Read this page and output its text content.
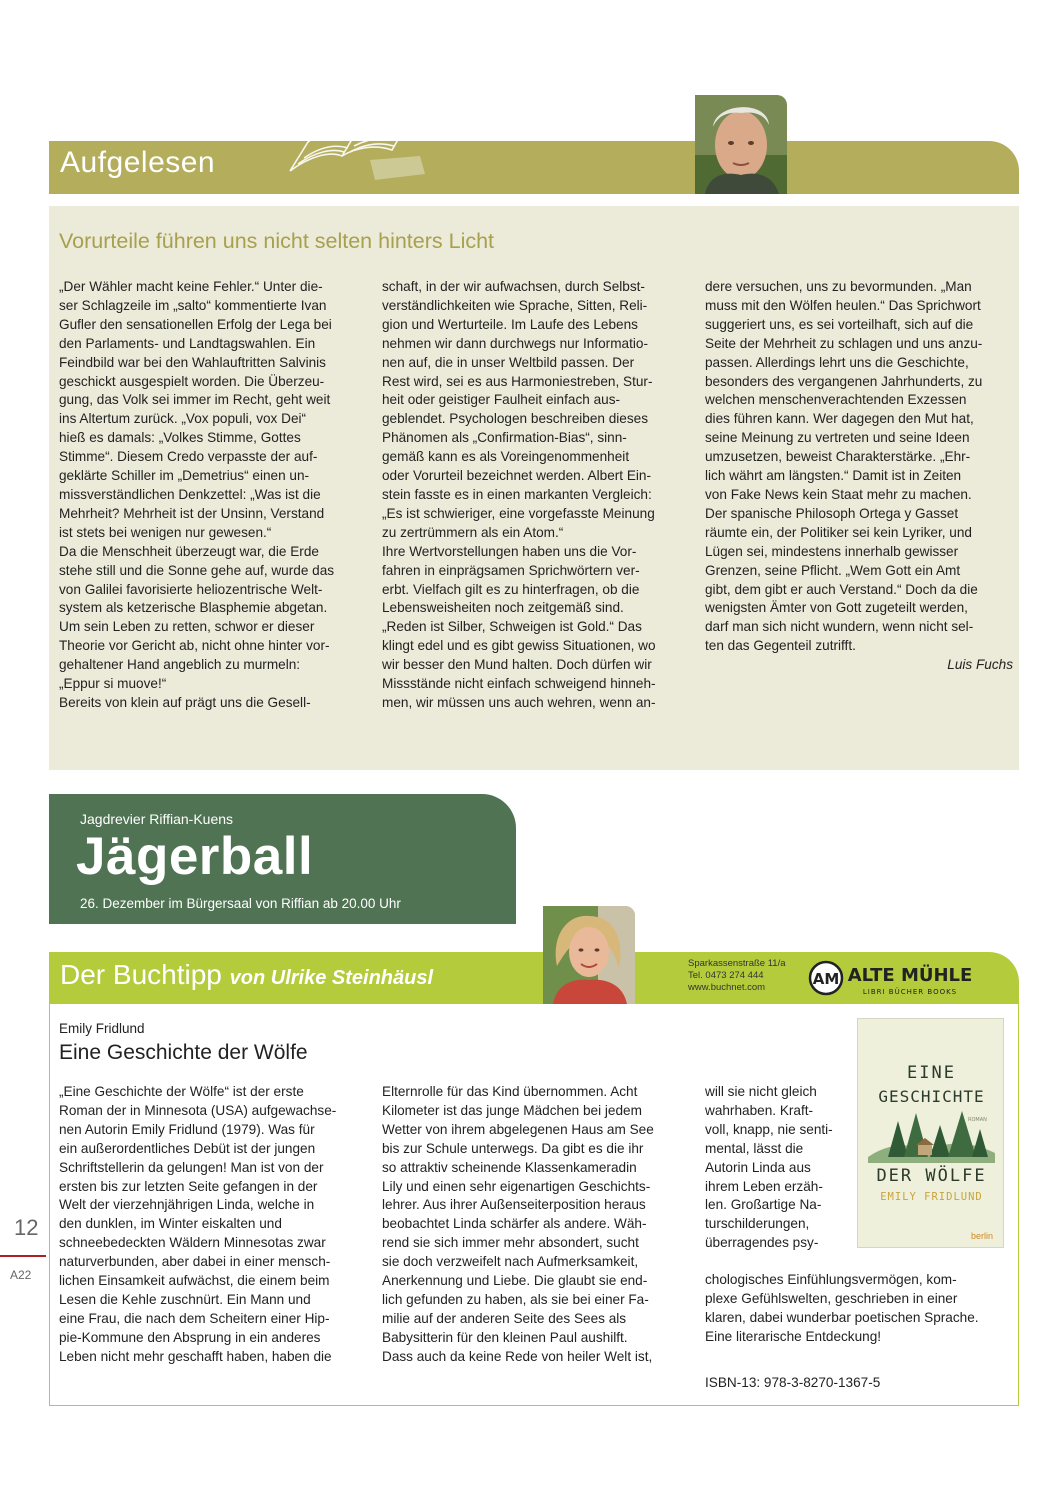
Aufgelesen
Vorurteile führen uns nicht selten hinters Licht

„Der Wähler macht keine Fehler.“ Unter die-

ser Schlagzeile im „salto“ kommentierte Ivan

Gufler den sensationellen Erfolg der Lega bei

den Parlaments- und Landtagswahlen. Ein

Feindbild war bei den Wahlauftritten Salvinis

geschickt ausgespielt worden. Die Überzeu-

gung, das Volk sei immer im Recht, geht weit

ins Altertum zurück. „Vox populi, vox Dei“

hieß es damals: „Volkes Stimme, Gottes

Stimme“. Diesem Credo verpasste der auf-

geklärte Schiller im „Demetrius“ einen un-

missverständlichen Denkzettel: „Was ist die

Mehrheit? Mehrheit ist der Unsinn, Verstand

ist stets bei wenigen nur gewesen.“

Da die Menschheit überzeugt war, die Erde

stehe still und die Sonne gehe auf, wurde das

von Galilei favorisierte heliozentrische Welt-

system als ketzerische Blasphemie abgetan.

Um sein Leben zu retten, schwor er dieser

Theorie vor Gericht ab, nicht ohne hinter vor-

gehaltener Hand angeblich zu murmeln:

„Eppur si muove!“

Bereits von klein auf prägt uns die Gesell-

schaft, in der wir aufwachsen, durch Selbst-

verständlichkeiten wie Sprache, Sitten, Reli-

gion und Werturteile. Im Laufe des Lebens

nehmen wir dann durchwegs nur Informatio-

nen auf, die in unser Weltbild passen. Der

Rest wird, sei es aus Harmoniestreben, Stur-

heit oder geistiger Faulheit einfach aus-

geblendet. Psychologen beschreiben dieses

Phänomen als „Confirmation-Bias“, sinn-

gemäß kann es als Voreingenommenheit

oder Vorurteil bezeichnet werden. Albert Ein-

stein fasste es in einen markanten Vergleich:

„Es ist schwieriger, eine vorgefasste Meinung

zu zertrümmern als ein Atom.“

Ihre Wertvorstellungen haben uns die Vor-

fahren in einprägsamen Sprichwörtern ver-

erbt. Vielfach gilt es zu hinterfragen, ob die

Lebensweisheiten noch zeitgemäß sind.

„Reden ist Silber, Schweigen ist Gold.“ Das

klingt edel und es gibt gewiss Situationen, wo

wir besser den Mund halten. Doch dürfen wir

Missstände nicht einfach schweigend hinneh-

men, wir müssen uns auch wehren, wenn an-

dere versuchen, uns zu bevormunden. „Man

muss mit den Wölfen heulen.“ Das Sprichwort

suggeriert uns, es sei vorteilhaft, sich auf die

Seite der Mehrheit zu schlagen und uns anzu-

passen. Allerdings lehrt uns die Geschichte,

besonders des vergangenen Jahrhunderts, zu

welchen menschenverachtenden Exzessen

dies führen kann. Wer dagegen den Mut hat,

seine Meinung zu vertreten und seine Ideen

umzusetzen, beweist Charakterstärke. „Ehr-

lich währt am längsten.“ Damit ist in Zeiten

von Fake News kein Staat mehr zu machen.

Der spanische Philosoph Ortega y Gasset

räumte ein, der Politiker sei kein Lyriker, und

Lügen sei, mindestens innerhalb gewisser

Grenzen, seine Pflicht. „Wem Gott ein Amt

gibt, dem gibt er auch Verstand.“ Doch da die

wenigsten Ämter von Gott zugeteilt werden,

darf man sich nicht wundern, wenn nicht sel-

ten das Gegenteil zutrifft.

Luis Fuchs

Jagdrevier Riffian-Kuens
Jägerball
26. Dezember im Bürgersaal von Riffian ab 20.00 Uhr
Der Buchtipp von Ulrike Steinhäusl
Sparkassenstraße 11/a
Tel. 0473 274 444
www.buchnet.com	AM ALTE MÜHLE
LIBRI BÜCHER BOOKS
Emily Fridlund
Eine Geschichte der Wölfe

„Eine Geschichte der Wölfe“ ist der erste

Roman der in Minnesota (USA) aufgewachse-

nen Autorin Emily Fridlund (1979). Was für

ein außerordentliches Debüt ist der jungen

Schriftstellerin da gelungen! Man ist von der

ersten bis zur letzten Seite gefangen in der

Welt der vierzehnjährigen Linda, welche in

den dunklen, im Winter eiskalten und

schneebedeckten Wäldern Minnesotas zwar

naturverbunden, aber dabei in einer mensch-

lichen Einsamkeit aufwächst, die einem beim

Lesen die Kehle zuschnürt. Ein Mann und

eine Frau, die nach dem Scheitern einer Hip-

pie-Kommune den Absprung in ein anderes

Leben nicht mehr geschafft haben, haben die

Elternrolle für das Kind übernommen. Acht

Kilometer ist das junge Mädchen bei jedem

Wetter von ihrem abgelegenen Haus am See

bis zur Schule unterwegs. Da gibt es die ihr

so attraktiv scheinende Klassenkameradin

Lily und einen sehr eigenartigen Geschichts-

lehrer. Aus ihrer Außenseiterposition heraus

beobachtet Linda schärfer als andere. Wäh-

rend sie sich immer mehr absondert, sucht

sie doch verzweifelt nach Aufmerksamkeit,

Anerkennung und Liebe. Die glaubt sie end-

lich gefunden zu haben, als sie bei einer Fa-

milie auf der anderen Seite des Sees als

Babysitterin für den kleinen Paul aushilft.

Dass auch da keine Rede von heiler Welt ist,

will sie nicht gleich

wahrhaben. Kraft-

voll, knapp, nie senti-

mental, lässt die

Autorin Linda aus

ihrem Leben erzäh-

len. Großartige Na-

turschilderungen,

überragendes psy-

chologisches Einfühlungsvermögen, kom-

plexe Gefühlswelten, geschrieben in einer

klaren, dabei wunderbar poetischen Sprache.

Eine literarische Entdeckung!

ISBN-13: 978-3-8270-1367-5
EINE
GESCHICHTE
ROMAN
DER WÖLFE
EMILY FRIDLUND
berlin
12
A22
